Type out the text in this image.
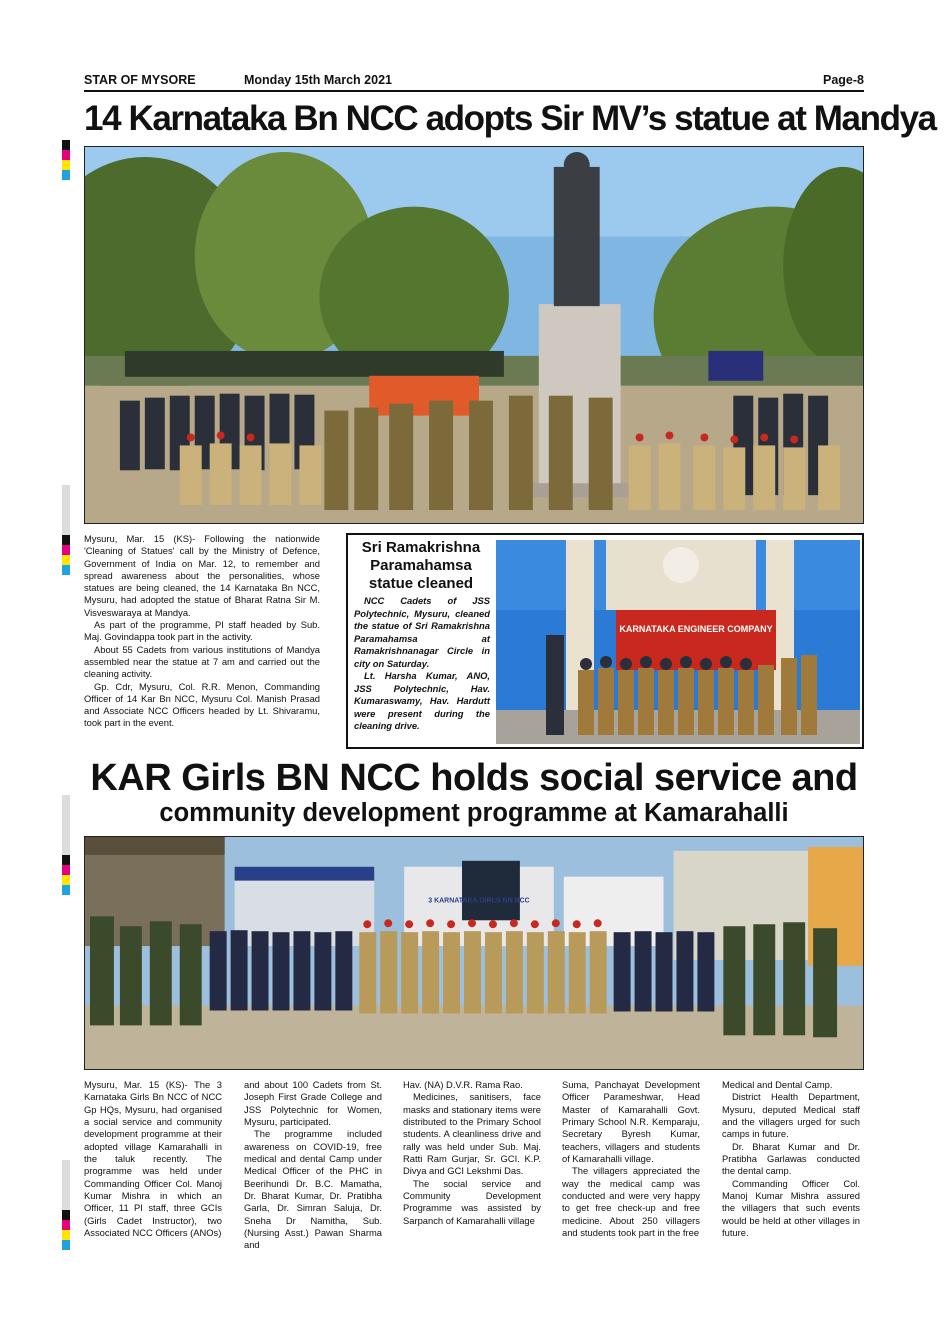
STAR OF MYSORE	Monday 15th March 2021	Page-8
14 Karnataka Bn NCC adopts Sir MV’s statue at Mandya

Mysuru, Mar. 15 (KS)- Following the nationwide 'Cleaning of Statues' call by the Ministry of Defence, Government of India on Mar. 12, to remember and spread awareness about the personalities, whose statues are being cleaned, the 14 Karnataka Bn NCC, Mysuru, had adopted the statue of Bharat Ratna Sir M. Visveswaraya at Mandya.

As part of the programme, PI staff headed by Sub. Maj. Govindappa took part in the activity.

About 55 Cadets from various institutions of Mandya assembled near the statue at 7 am and carried out the cleaning activity.

Gp. Cdr, Mysuru, Col. R.R. Menon, Commanding Officer of 14 Kar Bn NCC, Mysuru Col. Manish Prasad and Associate NCC Officers headed by Lt. Shivaramu, took part in the event.

Sri Ramakrishna Paramahamsa statue cleaned

NCC Cadets of JSS Polytechnic, Mysuru, cleaned the statue of Sri Ramakrishna Paramahamsa at Ramakrishnanagar Circle in city on Saturday.

Lt. Harsha Kumar, ANO, JSS Polytechnic, Hav. Kumaraswamy, Hav. Hardutt were present during the cleaning drive.

KARNATAKA ENGINEER COMPANY
KAR Girls BN NCC holds social service and
community development programme at Kamarahalli
3 KARNATAKA GIRLS BN NCC

Mysuru, Mar. 15 (KS)- The 3 Karnataka Girls Bn NCC of NCC Gp HQs, Mysuru, had organised a social service and community development programme at their adopted village Kamarahalli in the taluk recently. The programme was held under Commanding Officer Col. Manoj Kumar Mishra in which an Officer, 11 PI staff, three GCIs (Girls Cadet Instructor), two Associated NCC Officers (ANOs)

and about 100 Cadets from St. Joseph First Grade College and JSS Polytechnic for Women, Mysuru, participated.

The programme included awareness on COVID-19, free medical and dental Camp under Medical Officer of the PHC in Beerihundi Dr. B.C. Mamatha, Dr. Bharat Kumar, Dr. Pratibha Garla, Dr. Simran Saluja, Dr. Sneha Dr Namitha, Sub. (Nursing Asst.) Pawan Sharma and

Hav. (NA) D.V.R. Rama Rao.

Medicines, sanitisers, face masks and stationary items were distributed to the Primary School students. A cleanliness drive and rally was held under Sub. Maj. Ratti Ram Gurjar, Sr. GCI. K.P. Divya and GCI Lekshmi Das.

The social service and Community Development Programme was assisted by Sarpanch of Kamarahalli village

Suma, Panchayat Development Officer Parameshwar, Head Master of Kamarahalli Govt. Primary School N.R. Kemparaju, Secretary Byresh Kumar, teachers, villagers and students of Kamarahalli village.

The villagers appreciated the way the medical camp was conducted and were very happy to get free check-up and free medicine. About 250 villagers and students took part in the free

Medical and Dental Camp.

District Health Department, Mysuru, deputed Medical staff and the villagers urged for such camps in future.

Dr. Bharat Kumar and Dr. Pratibha Garlawas conducted the dental camp.

Commanding Officer Col. Manoj Kumar Mishra assured the villagers that such events would be held at other villages in future.
